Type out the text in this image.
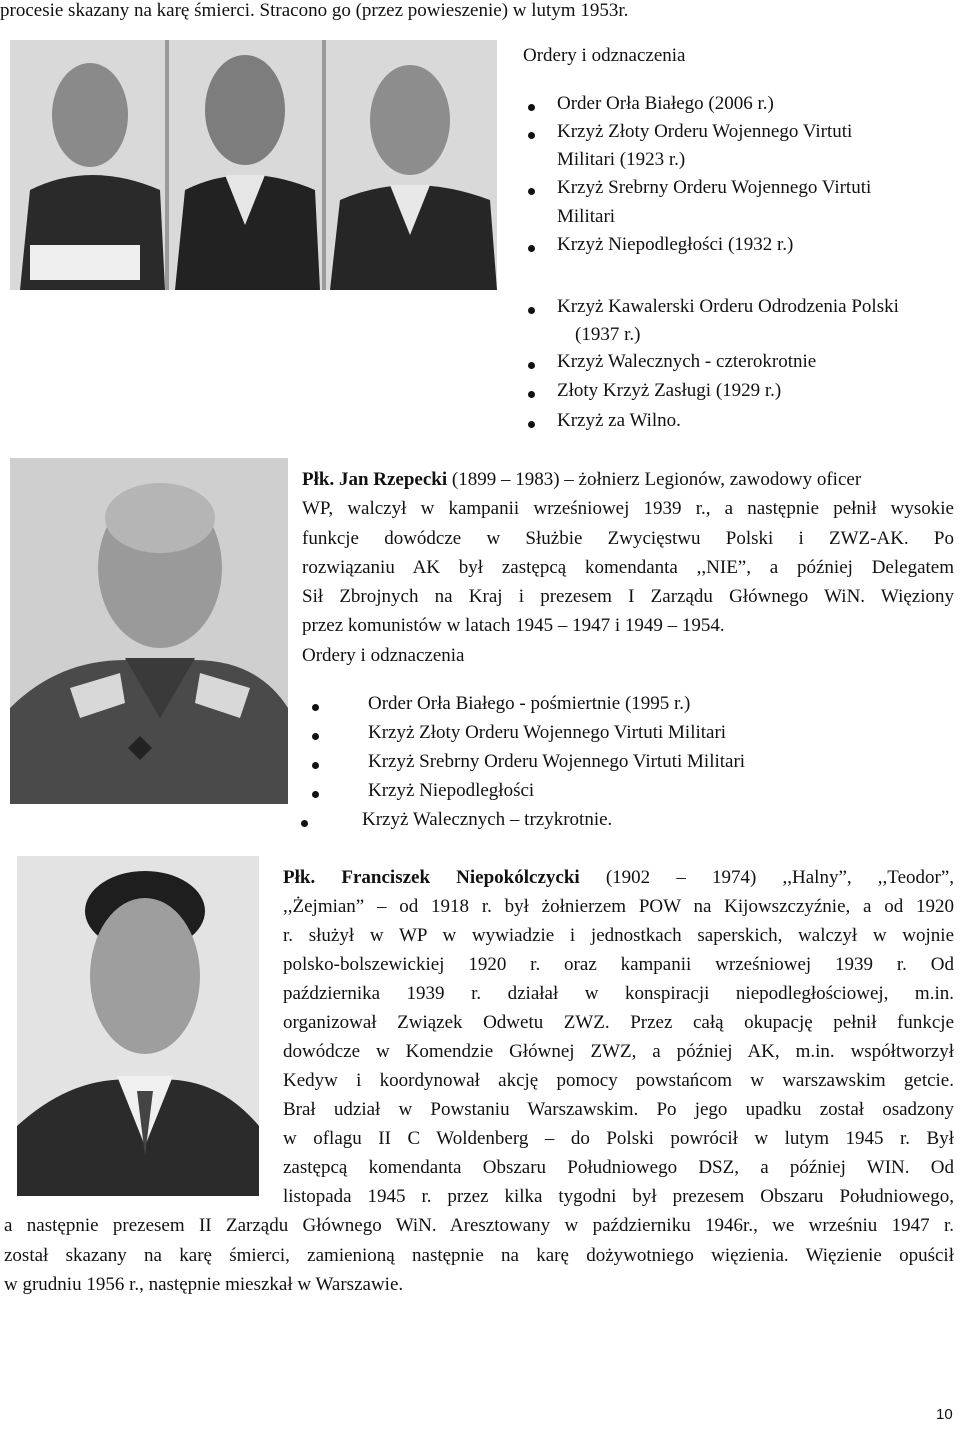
procesie skazany na karę śmierci. Stracono go (przez powieszenie) w lutym 1953r.
Ordery i odznaczenia
Order Orła Białego (2006 r.)
Krzyż Złoty Orderu Wojennego Virtuti
Militari (1923 r.)
Krzyż Srebrny Orderu Wojennego Virtuti
Militari
Krzyż Niepodległości (1932 r.)
Krzyż Kawalerski Orderu Odrodzenia Polski
(1937 r.)
Krzyż Walecznych - czterokrotnie
Złoty Krzyż Zasługi (1929 r.)
Krzyż za Wilno.
Płk. Jan Rzepecki (1899 – 1983) – żołnierz Legionów, zawodowy oficer
WP, walczył w kampanii wrześniowej 1939 r., a następnie pełnił wysokie
funkcje dowódcze w Służbie Zwycięstwu Polski i ZWZ-AK. Po
rozwiązaniu AK był zastępcą komendanta ,,NIE”, a później Delegatem
Sił Zbrojnych na Kraj i prezesem I Zarządu Głównego WiN. Więziony
przez komunistów w latach 1945 – 1947 i 1949 – 1954.
Ordery i odznaczenia
Order Orła Białego - pośmiertnie (1995 r.)
Krzyż Złoty Orderu Wojennego Virtuti Militari
Krzyż Srebrny Orderu Wojennego Virtuti Militari
Krzyż Niepodległości
Krzyż Walecznych – trzykrotnie.
Płk. Franciszek Niepokólczycki (1902 – 1974) ,,Halny”, ,,Teodor”,
,,Żejmian” – od 1918 r. był żołnierzem POW na Kijowszczyźnie, a od 1920
r. służył w WP w wywiadzie i jednostkach saperskich, walczył w wojnie
polsko-bolszewickiej 1920 r. oraz kampanii wrześniowej 1939 r. Od
października 1939 r. działał w konspiracji niepodległościowej, m.in.
organizował Związek Odwetu ZWZ. Przez całą okupację pełnił funkcje
dowódcze w Komendzie Głównej ZWZ, a później AK, m.in. współtworzył
Kedyw i koordynował akcję pomocy powstańcom w warszawskim getcie.
Brał udział w Powstaniu Warszawskim. Po jego upadku został osadzony
w oflagu II C Woldenberg – do Polski powrócił w lutym 1945 r. Był
zastępcą komendanta Obszaru Południowego DSZ, a później WIN. Od
listopada 1945 r. przez kilka tygodni był prezesem Obszaru Południowego,
a następnie prezesem II Zarządu Głównego WiN. Aresztowany w październiku 1946r., we wrześniu 1947 r.
został skazany na karę śmierci, zamienioną następnie na karę dożywotniego więzienia. Więzienie opuścił
w grudniu 1956 r., następnie mieszkał w Warszawie.
10
